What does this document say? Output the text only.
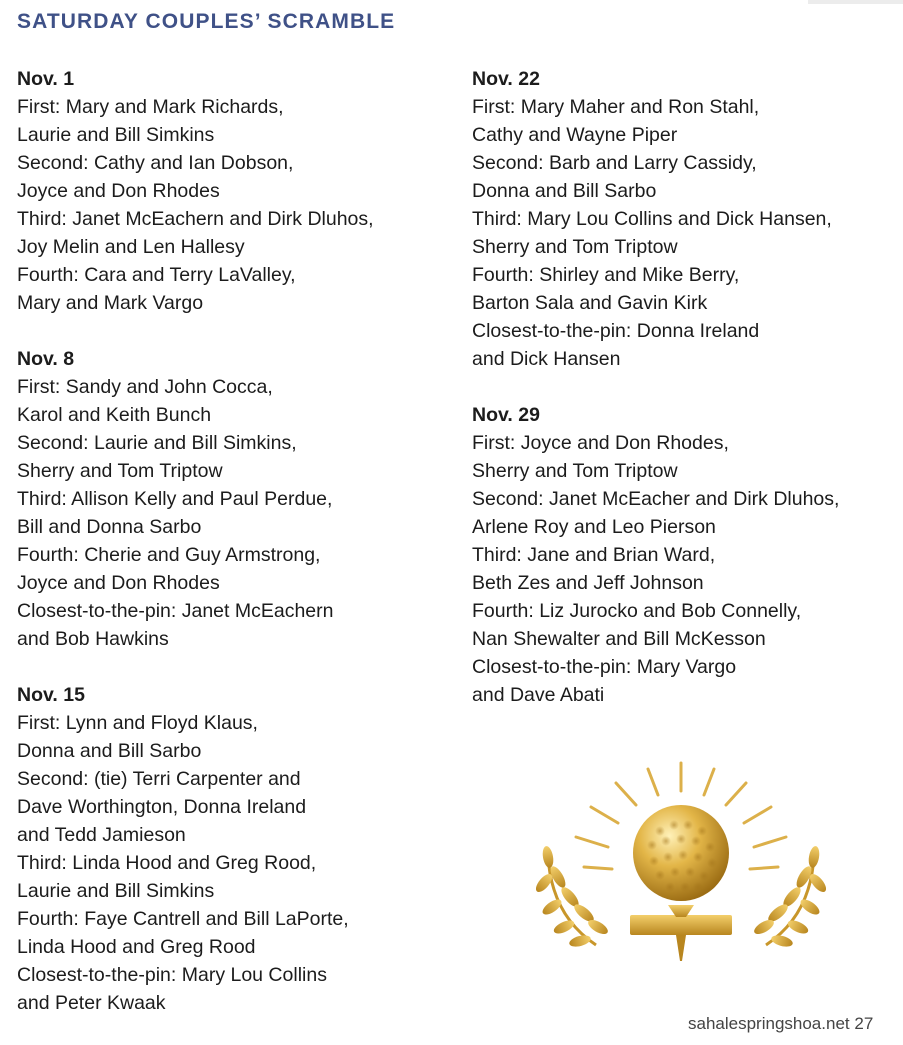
SATURDAY COUPLES’ SCRAMBLE
Nov. 1
First: Mary and Mark Richards,
Laurie and Bill Simkins
Second: Cathy and Ian Dobson,
Joyce and Don Rhodes
Third: Janet McEachern and Dirk Dluhos,
Joy Melin and Len Hallesy
Fourth: Cara and Terry LaValley,
Mary and Mark Vargo
Nov. 8
First: Sandy and John Cocca,
Karol and Keith Bunch
Second: Laurie and Bill Simkins,
Sherry and Tom Triptow
Third: Allison Kelly and Paul Perdue,
Bill and Donna Sarbo
Fourth: Cherie and Guy Armstrong,
Joyce and Don Rhodes
Closest-to-the-pin: Janet McEachern
and Bob Hawkins
Nov. 15
First: Lynn and Floyd Klaus,
Donna and Bill Sarbo
Second: (tie) Terri Carpenter and
Dave Worthington, Donna Ireland
and Tedd Jamieson
Third: Linda Hood and Greg Rood,
Laurie and Bill Simkins
Fourth: Faye Cantrell and Bill LaPorte,
Linda Hood and Greg Rood
Closest-to-the-pin: Mary Lou Collins
and Peter Kwaak
Nov. 22
First: Mary Maher and Ron Stahl,
Cathy and Wayne Piper
Second: Barb and Larry Cassidy,
Donna and Bill Sarbo
Third: Mary Lou Collins and Dick Hansen,
Sherry and Tom Triptow
Fourth: Shirley and Mike Berry,
Barton Sala and Gavin Kirk
Closest-to-the-pin: Donna Ireland
and Dick Hansen
Nov. 29
First: Joyce and Don Rhodes,
Sherry and Tom Triptow
Second: Janet McEacher and Dirk Dluhos,
Arlene Roy and Leo Pierson
Third: Jane and Brian Ward,
Beth Zes and Jeff Johnson
Fourth: Liz Jurocko and Bob Connelly,
Nan Shewalter and Bill McKesson
Closest-to-the-pin: Mary Vargo
and Dave Abati
sahalespringshoa.net 27
